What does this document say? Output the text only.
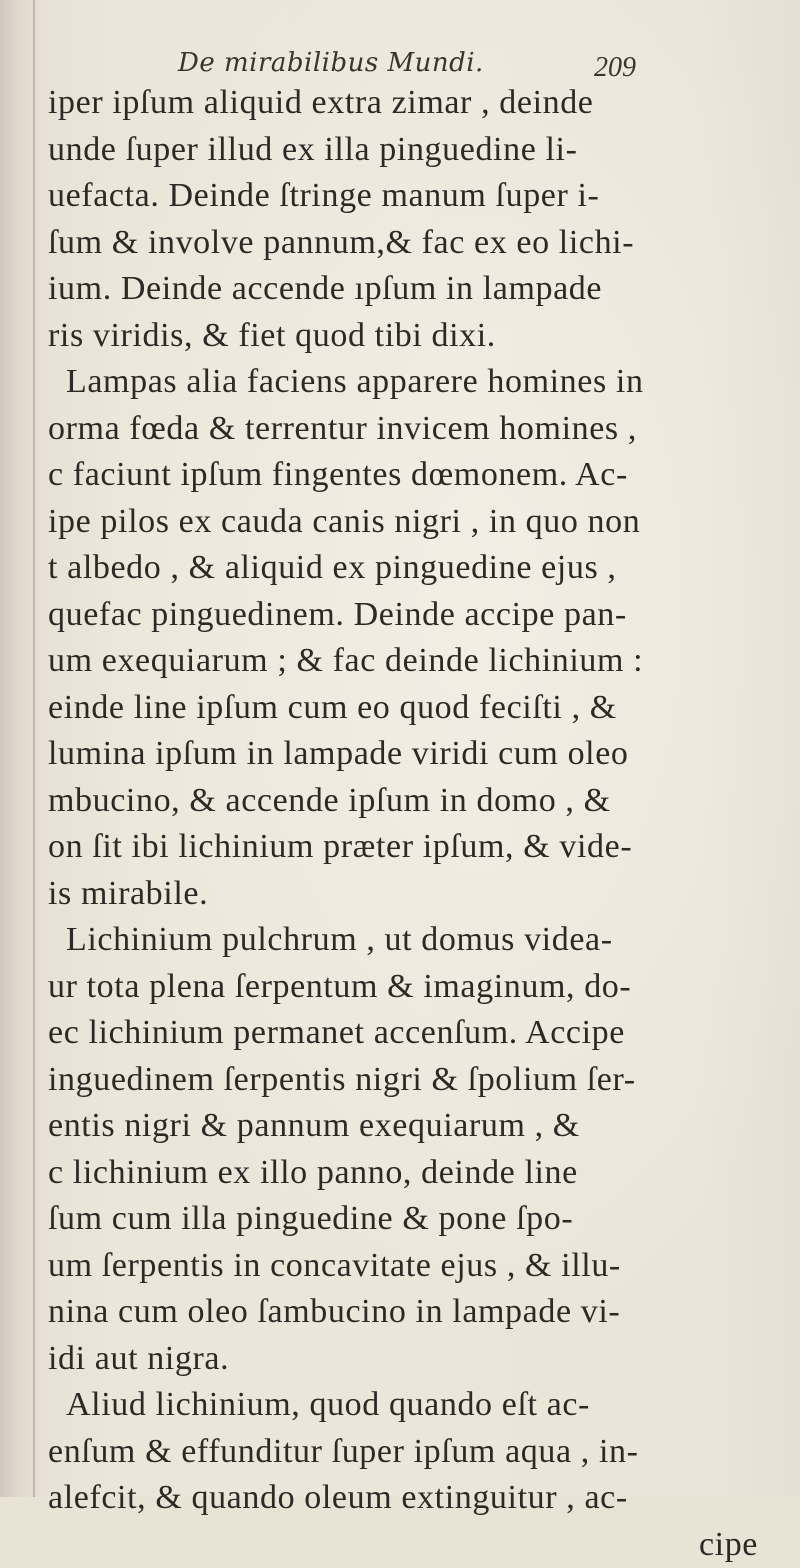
De mirabilibus Mundi.	209
iper ipſum aliquid extra zimar , deinde
unde ſuper illud ex illa pinguedine li-
uefacta. Deinde ſtringe manum ſuper i-
ſum & involve pannum,& fac ex eo lichi-
ium. Deinde accende ıpſum in lampade
ris viridis, & fiet quod tibi dixi.
Lampas alia faciens apparere homines in
orma fœda & terrentur invicem homines ,
c faciunt ipſum fingentes dœmonem. Ac-
ipe pilos ex cauda canis nigri , in quo non
t albedo , & aliquid ex pinguedine ejus ,
quefac pinguedinem. Deinde accipe pan-
um exequiarum ; & fac deinde lichinium :
einde line ipſum cum eo quod feciſti , &
lumina ipſum in lampade viridi cum oleo
mbucino, & accende ipſum in domo , &
on ſit ibi lichinium præter ipſum, & vide-
is mirabile.
Lichinium pulchrum , ut domus videa-
ur tota plena ſerpentum & imaginum, do-
ec lichinium permanet accenſum. Accipe
inguedinem ſerpentis nigri & ſpolium ſer-
entis nigri & pannum exequiarum , &
c lichinium ex illo panno, deinde line
ſum cum illa pinguedine & pone ſpo-
um ſerpentis in concavitate ejus , & illu-
nina cum oleo ſambucino in lampade vi-
idi aut nigra.
Aliud lichinium, quod quando eſt ac-
enſum & effunditur ſuper ipſum aqua , in-
alefcit, & quando oleum extinguitur , ac-
cipe
